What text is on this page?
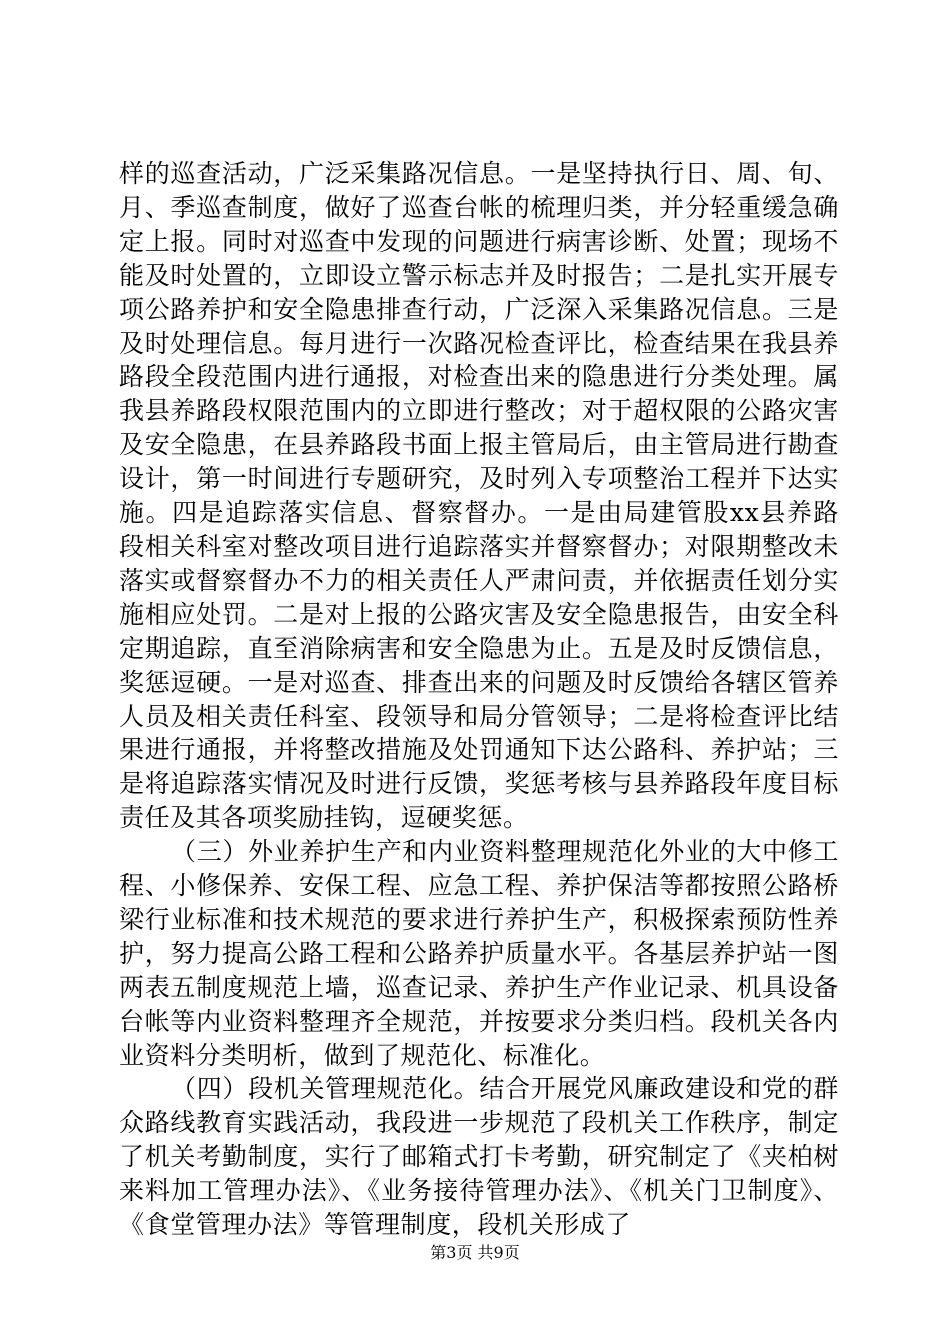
样的巡查活动，广泛采集路况信息。一是坚持执行日、周、旬、月、季巡查制度，做好了巡查台帐的梳理归类，并分轻重缓急确定上报。同时对巡查中发现的问题进行病害诊断、处置；现场不能及时处置的，立即设立警示标志并及时报告；二是扎实开展专项公路养护和安全隐患排查行动，广泛深入采集路况信息。三是及时处理信息。每月进行一次路况检查评比，检查结果在我县养路段全段范围内进行通报，对检查出来的隐患进行分类处理。属我县养路段权限范围内的立即进行整改；对于超权限的公路灾害及安全隐患，在县养路段书面上报主管局后，由主管局进行勘查设计，第一时间进行专题研究，及时列入专项整治工程并下达实施。四是追踪落实信息、督察督办。一是由局建管股xx县养路段相关科室对整改项目进行追踪落实并督察督办；对限期整改未落实或督察督办不力的相关责任人严肃问责，并依据责任划分实施相应处罚。二是对上报的公路灾害及安全隐患报告，由安全科定期追踪，直至消除病害和安全隐患为止。五是及时反馈信息，奖惩逗硬。一是对巡查、排查出来的问题及时反馈给各辖区管养人员及相关责任科室、段领导和局分管领导；二是将检查评比结果进行通报，并将整改措施及处罚通知下达公路科、养护站；三是将追踪落实情况及时进行反馈，奖惩考核与县养路段年度目标责任及其各项奖励挂钩，逗硬奖惩。

（三）外业养护生产和内业资料整理规范化外业的大中修工程、小修保养、安保工程、应急工程、养护保洁等都按照公路桥梁行业标准和技术规范的要求进行养护生产，积极探索预防性养护，努力提高公路工程和公路养护质量水平。各基层养护站一图两表五制度规范上墙，巡查记录、养护生产作业记录、机具设备台帐等内业资料整理齐全规范，并按要求分类归档。段机关各内业资料分类明析，做到了规范化、标准化。

（四）段机关管理规范化。结合开展党风廉政建设和党的群众路线教育实践活动，我段进一步规范了段机关工作秩序，制定了机关考勤制度，实行了邮箱式打卡考勤，研究制定了《夹柏树来料加工管理办法》、《业务接待管理办法》、《机关门卫制度》、《食堂管理办法》等管理制度，段机关形成了

第3页 共9页
